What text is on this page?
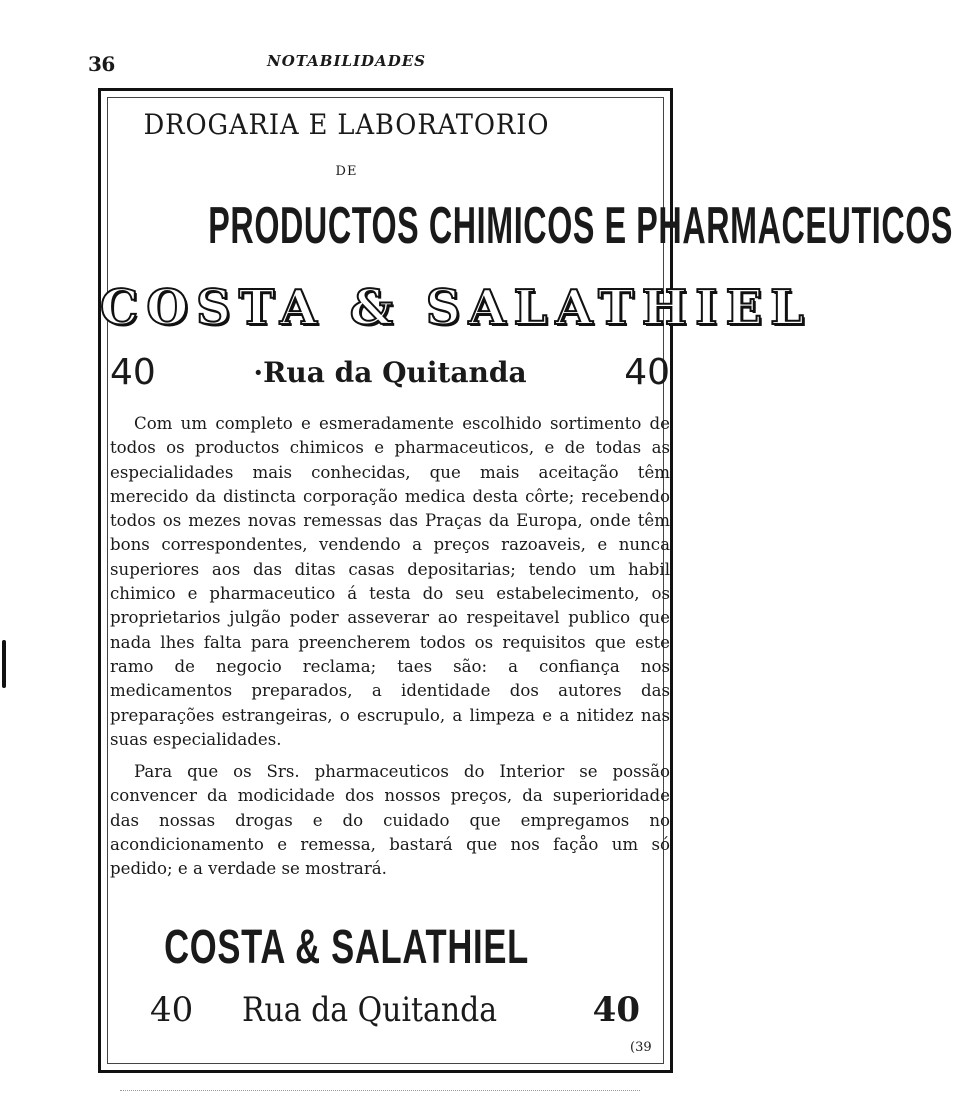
36	NOTABILIDADES
DROGARIA E LABORATORIO
DE
PRODUCTOS CHIMICOS E PHARMACEUTICOS
COSTA & SALATHIEL
40	·Rua da Quitanda	40

Com um completo e esmeradamente escolhido sortimento de todos os productos chimicos e pharmaceuticos, e de todas as especialidades mais conhecidas, que mais aceitação têm merecido da distincta corporação medica desta côrte; recebendo todos os mezes novas remessas das Praças da Europa, onde têm bons correspondentes, vendendo a preços razoaveis, e nunca superiores aos das ditas casas depositarias; tendo um habil chimico e pharmaceutico á testa do seu estabelecimento, os proprietarios julgão poder asseverar ao respeitavel publico que nada lhes falta para preencherem todos os requisitos que este ramo de negocio reclama; taes são: a confiança nos medicamentos preparados, a identidade dos autores das preparações estrangeiras, o escrupulo, a limpeza e a nitidez nas suas especialidades.

Para que os Srs. pharmaceuticos do Interior se possão convencer da modicidade dos nossos preços, da superioridade das nossas drogas e do cuidado que empregamos no acondicionamento e remessa, bastará que nos façåo um só pedido; e a verdade se mostrará.

COSTA & SALATHIEL
40 Rua da Quitanda	40
(39
